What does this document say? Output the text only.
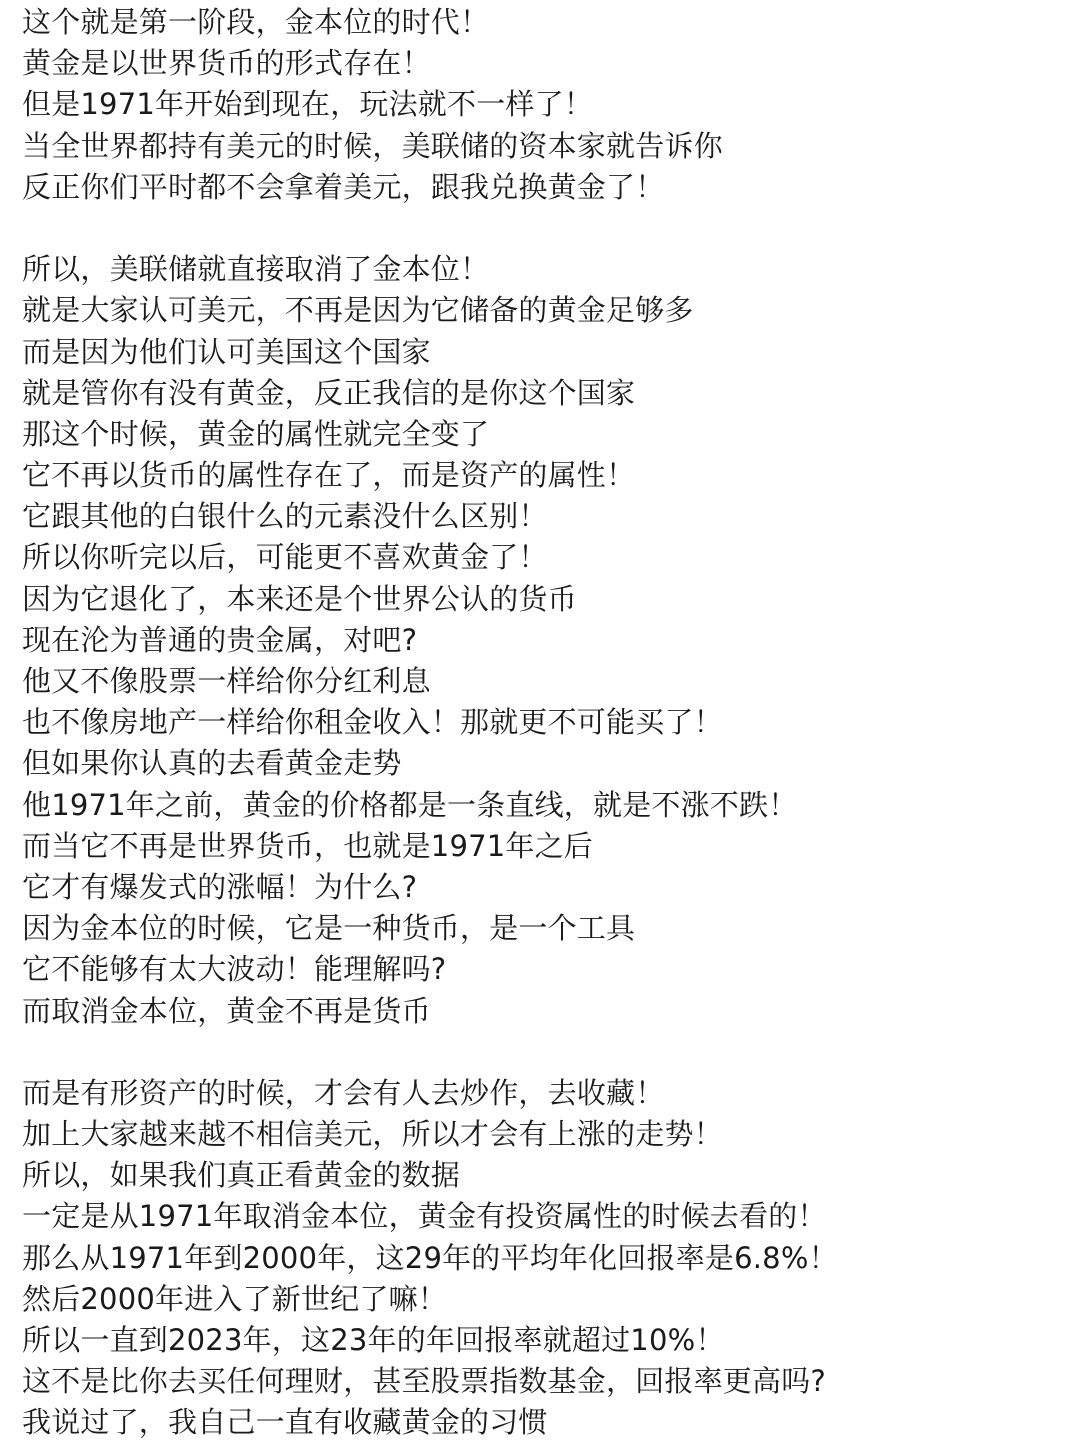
这个就是第一阶段，金本位的时代！
黄金是以世界货币的形式存在！
但是1971年开始到现在，玩法就不一样了！
当全世界都持有美元的时候，美联储的资本家就告诉你
反正你们平时都不会拿着美元，跟我兑换黄金了！
所以，美联储就直接取消了金本位！
就是大家认可美元，不再是因为它储备的黄金足够多
而是因为他们认可美国这个国家
就是管你有没有黄金，反正我信的是你这个国家
那这个时候，黄金的属性就完全变了
它不再以货币的属性存在了，而是资产的属性！
它跟其他的白银什么的元素没什么区别！
所以你听完以后，可能更不喜欢黄金了！
因为它退化了，本来还是个世界公认的货币
现在沦为普通的贵金属，对吧?
他又不像股票一样给你分红利息
也不像房地产一样给你租金收入！那就更不可能买了！
但如果你认真的去看黄金走势
他1971年之前，黄金的价格都是一条直线，就是不涨不跌！
而当它不再是世界货币，也就是1971年之后
它才有爆发式的涨幅！为什么?
因为金本位的时候，它是一种货币，是一个工具
它不能够有太大波动！能理解吗?
而取消金本位，黄金不再是货币
而是有形资产的时候，才会有人去炒作，去收藏！
加上大家越来越不相信美元，所以才会有上涨的走势！
所以，如果我们真正看黄金的数据
一定是从1971年取消金本位，黄金有投资属性的时候去看的！
那么从1971年到2000年，这29年的平均年化回报率是6.8%！
然后2000年进入了新世纪了嘛！
所以一直到2023年，这23年的年回报率就超过10%！
这不是比你去买任何理财，甚至股票指数基金，回报率更高吗?
我说过了，我自己一直有收藏黄金的习惯
